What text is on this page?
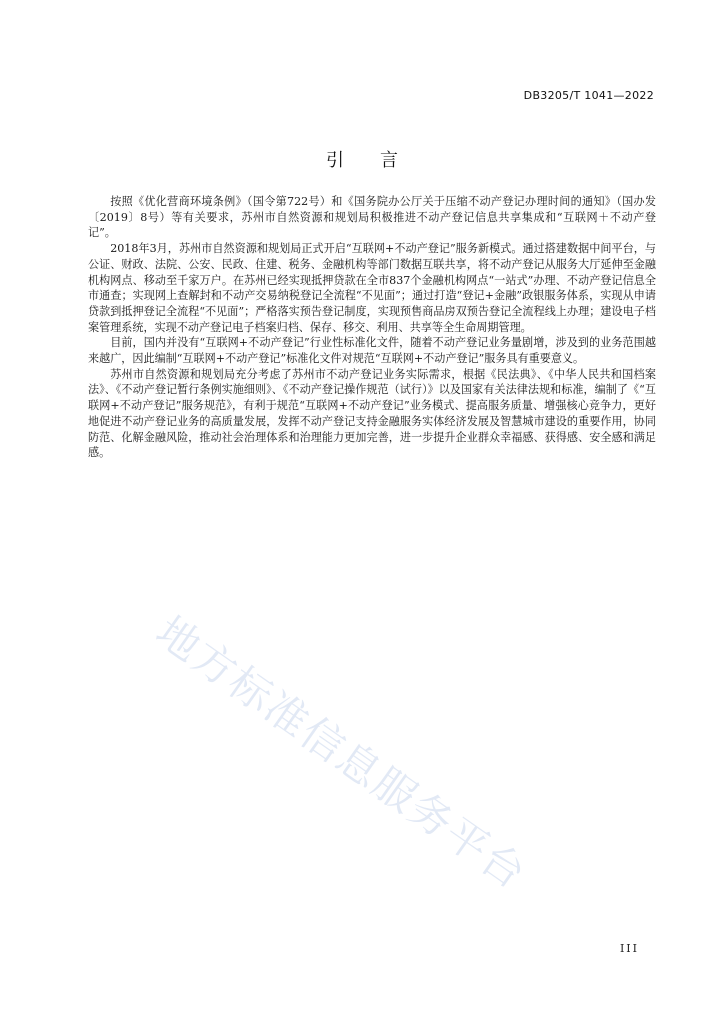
DB3205/T 1041—2022
引言

按照《优化营商环境条例》（国令第722号）和《国务院办公厅关于压缩不动产登记办理时间的通知》（国办发〔2019〕8号）等有关要求，苏州市自然资源和规划局积极推进不动产登记信息共享集成和“互联网＋不动产登记”。

2018年3月，苏州市自然资源和规划局正式开启“互联网+不动产登记”服务新模式。通过搭建数据中间平台，与公证、财政、法院、公安、民政、住建、税务、金融机构等部门数据互联共享，将不动产登记从服务大厅延伸至金融机构网点、移动至千家万户。在苏州已经实现抵押贷款在全市837个金融机构网点“一站式”办理、不动产登记信息全市通查；实现网上查解封和不动产交易纳税登记全流程“不见面”；通过打造“登记+金融”政银服务体系，实现从申请贷款到抵押登记全流程“不见面”；严格落实预告登记制度，实现预售商品房双预告登记全流程线上办理；建设电子档案管理系统，实现不动产登记电子档案归档、保存、移交、利用、共享等全生命周期管理。

目前，国内并没有“互联网+不动产登记”行业性标准化文件，随着不动产登记业务量剧增，涉及到的业务范围越来越广，因此编制“互联网+不动产登记”标准化文件对规范“互联网+不动产登记”服务具有重要意义。

苏州市自然资源和规划局充分考虑了苏州市不动产登记业务实际需求，根据《民法典》、《中华人民共和国档案法》、《不动产登记暂行条例实施细则》、《不动产登记操作规范（试行）》以及国家有关法律法规和标准，编制了《“互联网+不动产登记”服务规范》，有利于规范“互联网+不动产登记”业务模式、提高服务质量、增强核心竞争力，更好地促进不动产登记业务的高质量发展，发挥不动产登记支持金融服务实体经济发展及智慧城市建设的重要作用，协同防范、化解金融风险，推动社会治理体系和治理能力更加完善，进一步提升企业群众幸福感、获得感、安全感和满足感。

地方标准信息服务平台
III
